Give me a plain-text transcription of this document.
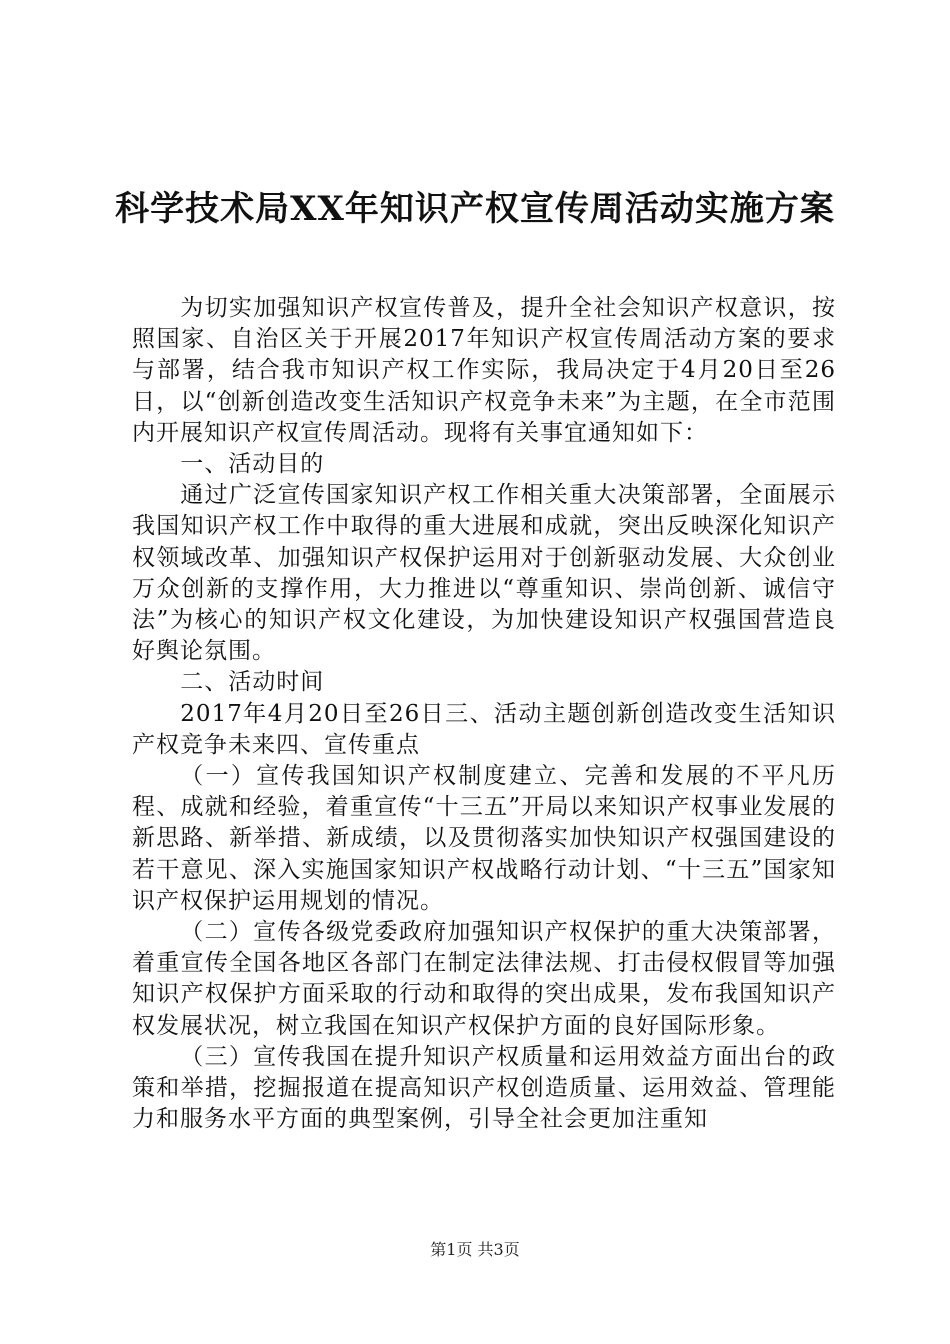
科学技术局XX年知识产权宣传周活动实施方案

为切实加强知识产权宣传普及，提升全社会知识产权意识，按照国家、自治区关于开展2017年知识产权宣传周活动方案的要求与部署，结合我市知识产权工作实际，我局决定于4月20日至26日，以“创新创造改变生活知识产权竞争未来”为主题，在全市范围内开展知识产权宣传周活动。现将有关事宜通知如下：

一、活动目的

通过广泛宣传国家知识产权工作相关重大决策部署，全面展示我国知识产权工作中取得的重大进展和成就，突出反映深化知识产权领域改革、加强知识产权保护运用对于创新驱动发展、大众创业万众创新的支撑作用，大力推进以“尊重知识、崇尚创新、诚信守法”为核心的知识产权文化建设，为加快建设知识产权强国营造良好舆论氛围。

二、活动时间

2017年4月20日至26日三、活动主题创新创造改变生活知识产权竞争未来四、宣传重点

（一）宣传我国知识产权制度建立、完善和发展的不平凡历程、成就和经验，着重宣传“十三五”开局以来知识产权事业发展的新思路、新举措、新成绩，以及贯彻落实加快知识产权强国建设的若干意见、深入实施国家知识产权战略行动计划、“十三五”国家知识产权保护运用规划的情况。

（二）宣传各级党委政府加强知识产权保护的重大决策部署，着重宣传全国各地区各部门在制定法律法规、打击侵权假冒等加强知识产权保护方面采取的行动和取得的突出成果，发布我国知识产权发展状况，树立我国在知识产权保护方面的良好国际形象。

（三）宣传我国在提升知识产权质量和运用效益方面出台的政策和举措，挖掘报道在提高知识产权创造质量、运用效益、管理能力和服务水平方面的典型案例，引导全社会更加注重知

第1页 共3页
